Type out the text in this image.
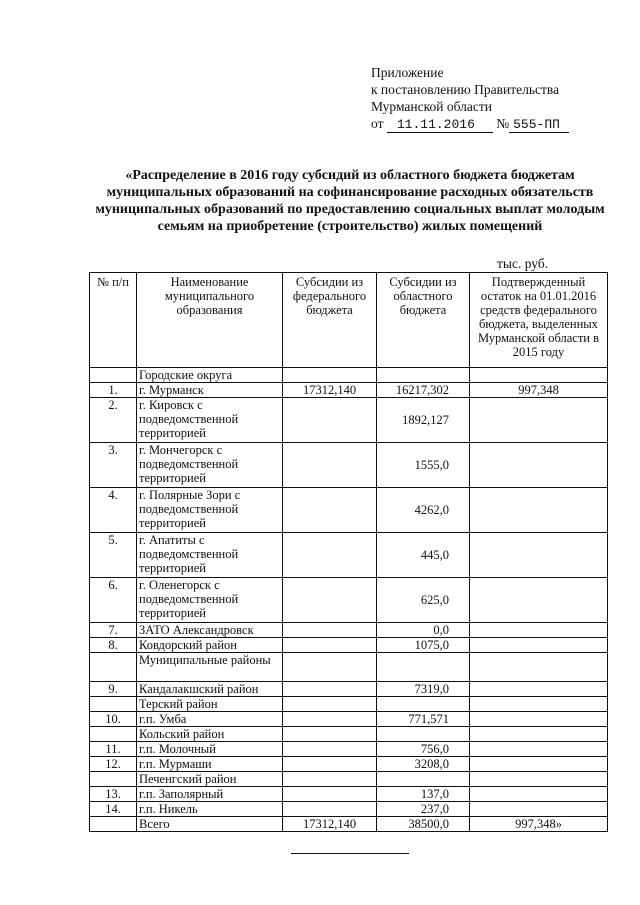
Приложение
к постановлению Правительства
Мурманской области
от 11.11.2016 № 555-ПП
«Распределение в 2016 году субсидий из областного бюджета бюджетам муниципальных образований на софинансирование расходных обязательств муниципальных образований по предоставлению социальных выплат молодым семьям на приобретение (строительство) жилых помещений
тыс. руб.
№ п/п	Наименование муниципального образования	Субсидии из федерального бюджета	Субсидии из областного бюджета	Подтвержденный остаток на 01.01.2016 средств федерального бюджета, выделенных Мурманской области в 2015 году
	Городские округа			
1.	г. Мурманск	17312,140	16217,302	997,348
2.	г. Кировск с подведомственной территорией		1892,127	
3.	г. Мончегорск с подведомственной территорией		1555,0	
4.	г. Полярные Зори с подведомственной территорией		4262,0	
5.	г. Апатиты с подведомственной территорией		445,0	
6.	г. Оленегорск с подведомственной территорией		625,0	
7.	ЗАТО Александровск		0,0	
8.	Ковдорский район		1075,0	
	Муниципальные районы			
9.	Кандалакшский район		7319,0	
	Терский район			
10.	г.п. Умба		771,571	
	Кольский район			
11.	г.п. Молочный		756,0	
12.	г.п. Мурмаши		3208,0	
	Печенгский район			
13.	г.п. Заполярный		137,0	
14.	г.п. Никель		237,0	
	Всего	17312,140	38500,0	997,348»
